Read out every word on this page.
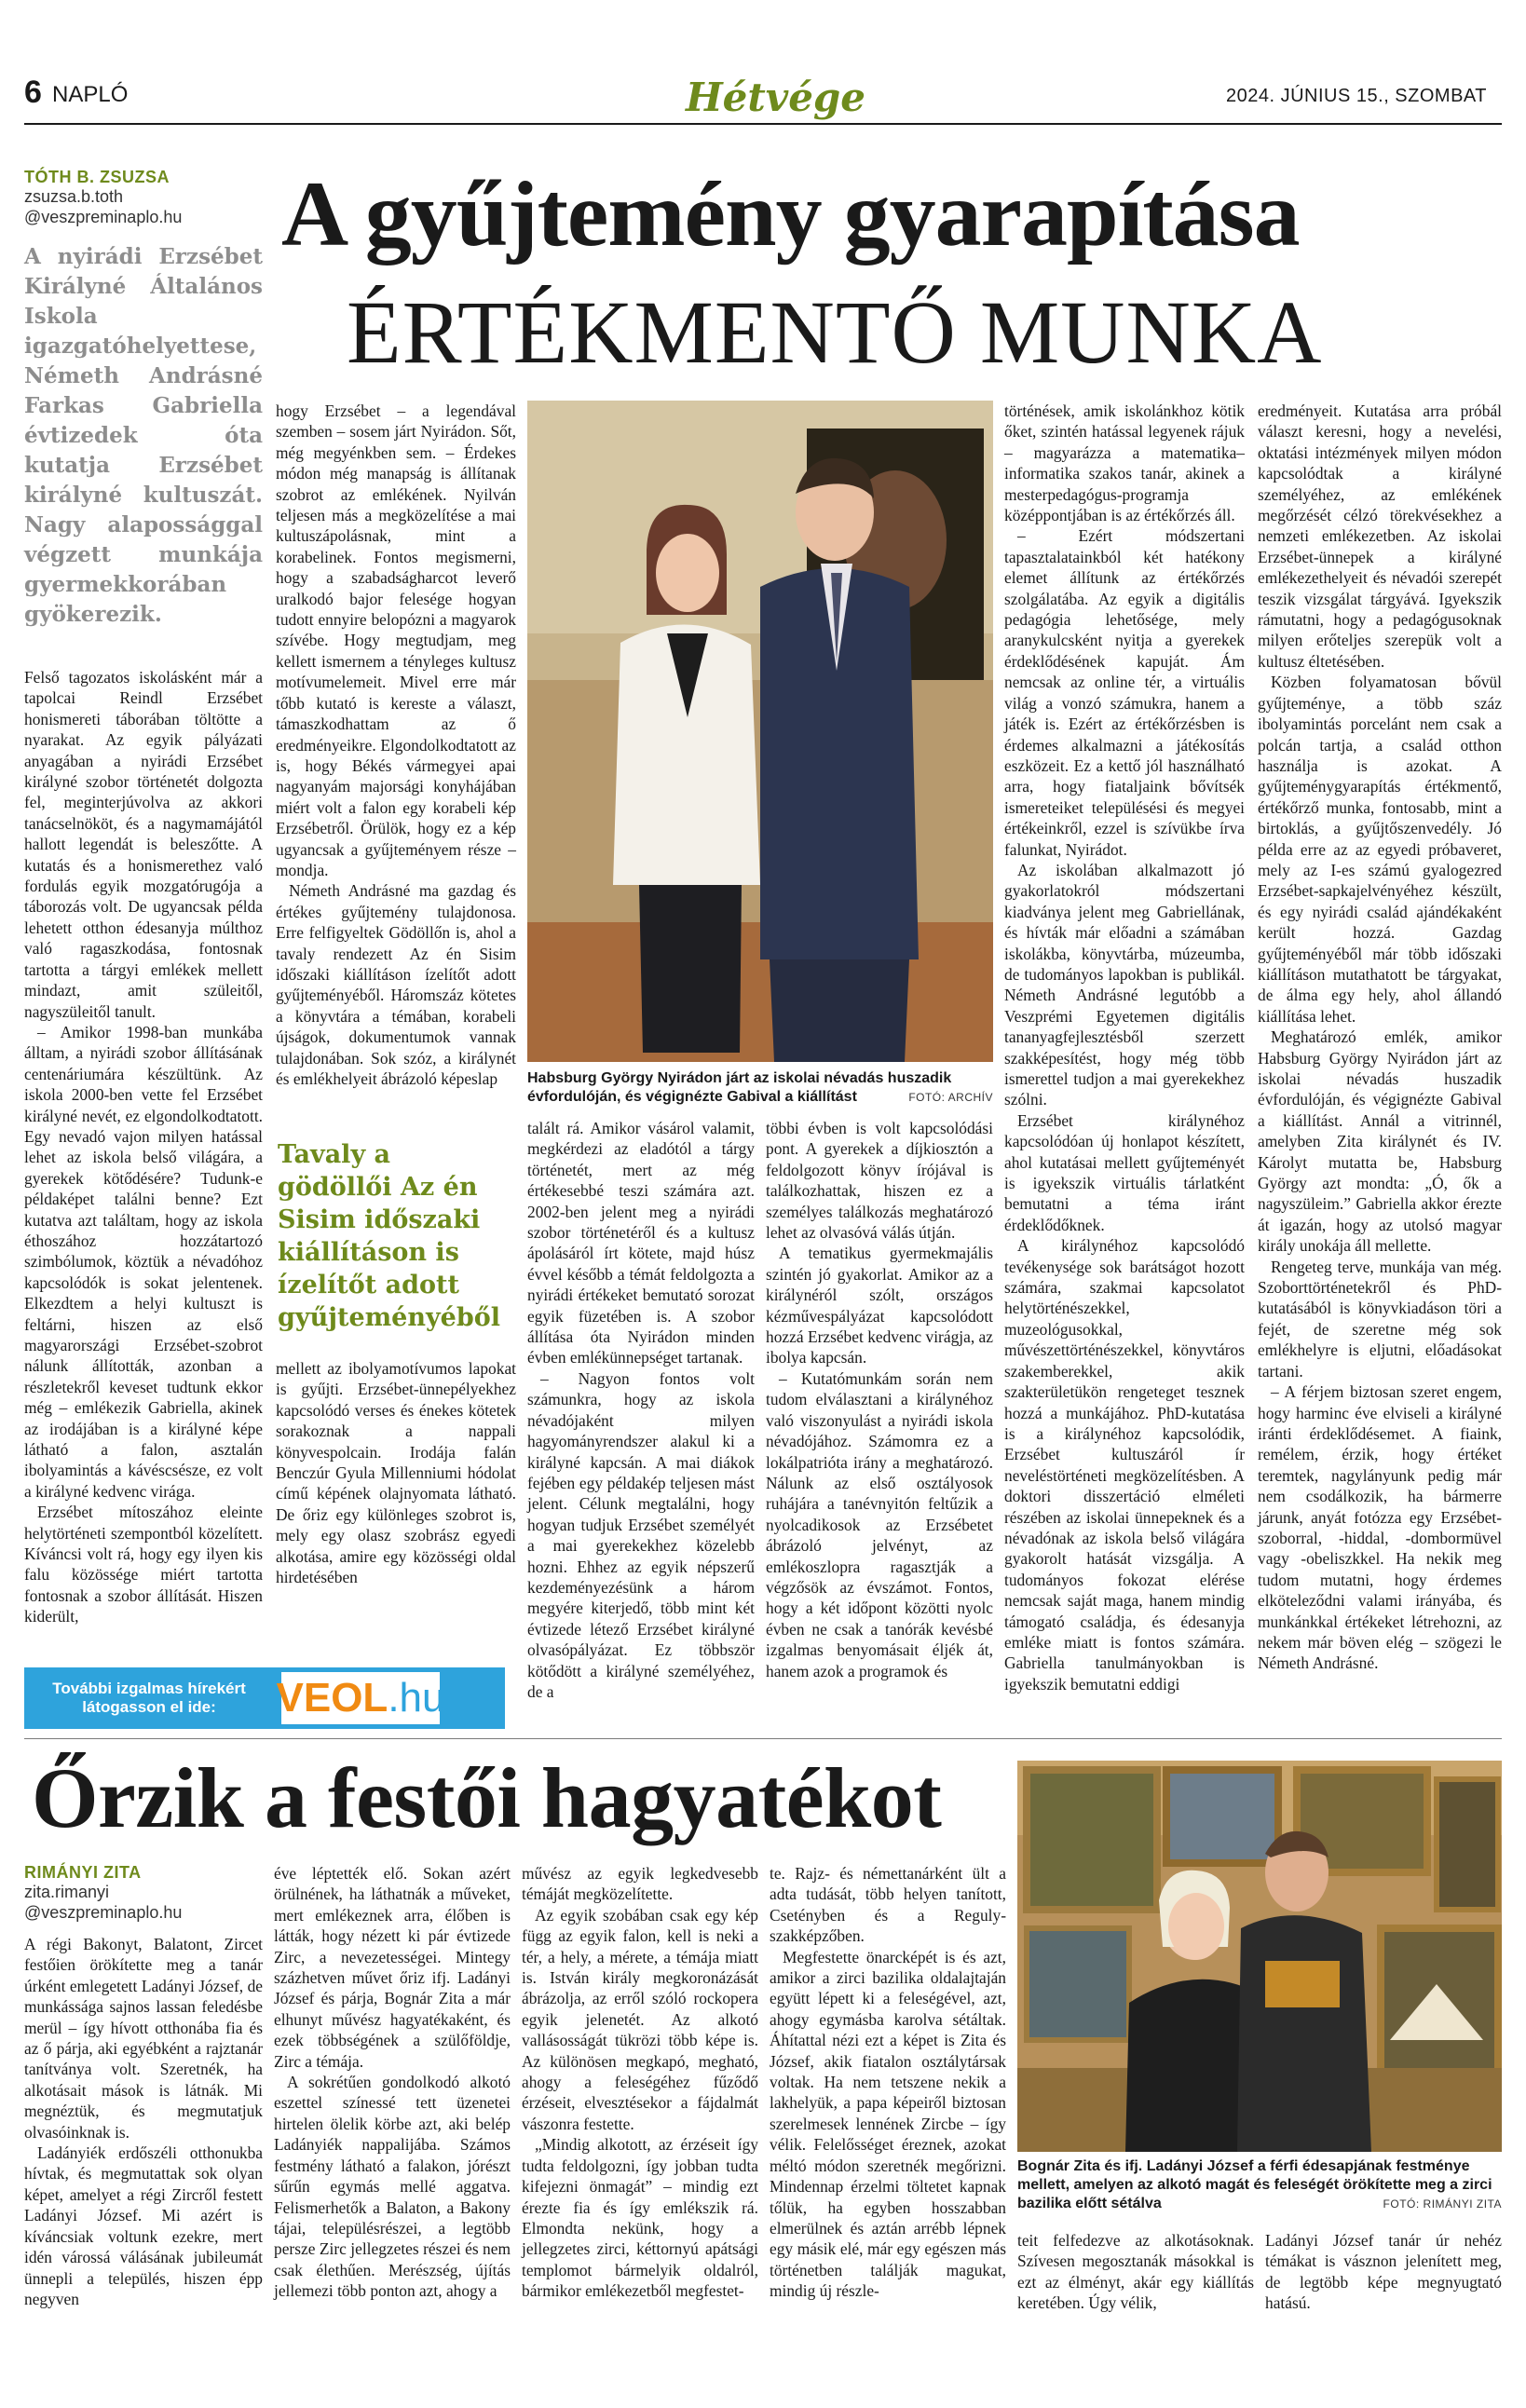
6 NAPLÓ	Hétvége	2024. JÚNIUS 15., SZOMBAT
TÓTH B. ZSUZSA
zsuzsa.b.toth
@veszpreminaplo.hu A gyűjtemény gyarapítása
ÉRTÉKMENTŐ MUNKA
A nyirádi Erzsébet Királyné Általános Iskola igazgatóhelyettese, Németh Andrásné Farkas Gabriella évtizedek óta kutatja Erzsébet királyné kultuszát. Nagy alapossággal végzett munkája gyermekkorában gyökerezik.

Felső tagozatos iskolásként már a tapolcai Reindl Erzsébet honismereti táborában töltötte a nyarakat. Az egyik pályázati anyagában a nyirádi Erzsébet királyné szobor történetét dolgozta fel, meginterjúvolva az akkori tanácselnököt, és a nagymamájától hallott legendát is beleszőtte. A kutatás és a honismerethez való fordulás egyik mozgatórugója a táborozás volt. De ugyancsak példa lehetett otthon édesanyja múlthoz való ragaszkodása, fontosnak tartotta a tárgyi emlékek mellett mindazt, amit szüleitől, nagyszüleitől tanult.

– Amikor 1998-ban munkába álltam, a nyirádi szobor állításának centenáriumára készültünk. Az iskola 2000-ben vette fel Erzsébet királyné nevét, ez elgondolkodtatott. Egy nevadó vajon milyen hatással lehet az iskola belső világára, a gyerekek kötődésére? Tudunk-e példaképet találni benne? Ezt kutatva azt találtam, hogy az iskola éthoszához hozzátartozó szimbólumok, köztük a névadóhoz kapcsolódók is sokat jelentenek. Elkezdtem a helyi kultuszt is feltárni, hiszen az első magyarországi Erzsébet-szobrot nálunk állították, azonban a részletekről keveset tudtunk ekkor még – emlékezik Gabriella, akinek az irodájában is a királyné képe látható a falon, asztalán ibolyamintás a kávéscsésze, ez volt a királyné kedvenc virága.

Erzsébet mítoszához eleinte helytörténeti szempontból közelített. Kíváncsi volt rá, hogy egy ilyen kis falu közössége miért tartotta fontosnak a szobor állítását. Hiszen kiderült,

hogy Erzsébet – a legendával szemben – sosem járt Nyirádon. Sőt, még megyénkben sem. – Érdekes módon még manapság is állítanak szobrot az emlékének. Nyilván teljesen más a megközelítése a mai kultuszápolásnak, mint a korabelinek. Fontos megismerni, hogy a szabadságharcot leverő uralkodó bajor felesége hogyan tudott ennyire belopózni a magyarok szívébe. Hogy megtudjam, meg kellett ismernem a tényleges kultusz motívumelemeit. Mivel erre már tőbb kutató is kereste a választ, támaszkodhattam az ő eredményeikre. Elgondolkodtatott az is, hogy Békés vármegyei apai nagyanyám majorsági konyhájában miért volt a falon egy korabeli kép Erzsébetről. Örülök, hogy ez a kép ugyancsak a gyűjteményem része – mondja.

Németh Andrásné ma gazdag és értékes gyűjtemény tulajdonosa. Erre felfigyeltek Gödöllőn is, ahol a tavaly rendezett Az én Sisim időszaki kiállításon ízelítőt adott gyűjteményéből. Háromszáz kötetes a könyvtára a témában, korabeli újságok, dokumentumok vannak tulajdonában. Sok szóz, a királynét és emlékhelyeit ábrázoló képeslap

Tavaly a gödöllői Az én Sisim időszaki kiállításon is ízelítőt adott gyűjteményéből

mellett az ibolyamotívumos lapokat is gyűjti. Erzsébet-ünnepélyekhez kapcsolódó verses és énekes kötetek sorakoznak a nappali könyvespolcain. Irodája falán Benczúr Gyula Millenniumi hódolat című képének olajnyomata látható. De őriz egy különleges szobrot is, mely egy olasz szobrász egyedi alkotása, amire egy közösségi oldal hirdetésében

Habsburg György Nyirádon járt az iskolai névadás huszadik évfordulóján, és végignézte Gabival a kiállítást	FOTÓ: ARCHÍV

talált rá. Amikor vásárol valamit, megkérdezi az eladótól a tárgy történetét, mert az még értékesebbé teszi számára azt. 2002-ben jelent meg a nyirádi szobor történetéről és a kultusz ápolásáról írt kötete, majd húsz évvel később a témát feldolgozta a nyirádi értékeket bemutató sorozat egyik füzetében is. A szobor állítása óta Nyirádon minden évben emlékünnepséget tartanak.

– Nagyon fontos volt számunkra, hogy az iskola névadójaként milyen hagyományrendszer alakul ki a királyné kapcsán. A mai diákok fejében egy példakép teljesen mást jelent. Célunk megtalálni, hogy hogyan tudjuk Erzsébet személyét a mai gyerekekhez közelebb hozni. Ehhez az egyik népszerű kezdeményezésünk a három megyére kiterjedő, több mint két évtizede létező Erzsébet királyné olvasópályázat. Ez többször kötődött a királyné személyéhez, de a

többi évben is volt kapcsolódási pont. A gyerekek a díjkiosztón a feldolgozott könyv írójával is találkozhattak, hiszen ez a személyes találkozás meghatározó lehet az olvasóvá válás útján.

A tematikus gyermekmajális szintén jó gyakorlat. Amikor az a királynéról szólt, országos kézművespályázat kapcsolódott hozzá Erzsébet kedvenc virágja, az ibolya kapcsán.

– Kutatómunkám során nem tudom elválasztani a királynéhoz való viszonyulást a nyirádi iskola névadójához. Számomra ez a lokálpatrióta irány a meghatározó. Nálunk az első osztályosok ruhájára a tanévnyitón feltűzik a nyolcadikosok az Erzsébetet ábrázoló jelvényt, az emlékoszlopra ragasztják a végzősök az évszámot. Fontos, hogy a két időpont közötti nyolc évben ne csak a tanórák kevésbé izgalmas benyomásait éljék át, hanem azok a programok és

történések, amik iskolánkhoz kötik őket, szintén hatással legyenek rájuk – magyarázza a matematika–informatika szakos tanár, akinek a mesterpedagógus-programja középpontjában is az értékőrzés áll.

– Ezért módszertani tapasztalatainkból két hatékony elemet állítunk az értékőrzés szolgálatába. Az egyik a digitális pedagógia lehetősége, mely aranykulcsként nyitja a gyerekek érdeklődésének kapuját. Ám nemcsak az online tér, a virtuális világ a vonzó számukra, hanem a játék is. Ezért az értékőrzésben is érdemes alkalmazni a játékosítás eszközeit. Ez a kettő jól használható arra, hogy fiataljaink bővítsék ismereteiket településési és megyei értékeinkről, ezzel is szívükbe írva falunkat, Nyirádot.

Az iskolában alkalmazott jó gyakorlatokról módszertani kiadványa jelent meg Gabriellának, és hívták már előadni a számában iskolákba, könyvtárba, múzeumba, de tudományos lapokban is publikál. Németh Andrásné legutóbb a Veszprémi Egyetemen digitális tananyagfejlesztésből szerzett szakképesítést, hogy még több ismerettel tudjon a mai gyerekekhez szólni.

Erzsébet királynéhoz kapcsolódóan új honlapot készített, ahol kutatásai mellett gyűjteményét is igyekszik virtuális tárlatként bemutatni a téma iránt érdeklődőknek.

A királynéhoz kapcsolódó tevékenysége sok barátságot hozott számára, szakmai kapcsolatot helytörténészekkel, muzeológusokkal, művészettörténészekkel, könyvtáros szakemberekkel, akik szakterületükön rengeteget tesznek hozzá a munkájához. PhD-kutatása is a királynéhoz kapcsolódik, Erzsébet kultuszáról ír neveléstörténeti megközelítésben. A doktori disszertáció elméleti részében az iskolai ünnepeknek és a névadónak az iskola belső világára gyakorolt hatását vizsgálja. A tudományos fokozat elérése nemcsak saját maga, hanem mindig támogató családja, és édesanyja emléke miatt is fontos számára. Gabriella tanulmányokban is igyekszik bemutatni eddigi

eredményeit. Kutatása arra próbál választ keresni, hogy a nevelési, oktatási intézmények milyen módon kapcsolódtak a királyné személyéhez, az emlékének megőrzését célzó törekvésekhez a nemzeti emlékezetben. Az iskolai Erzsébet-ünnepek a királyné emlékezethelyeit és névadói szerepét teszik vizsgálat tárgyává. Igyekszik rámutatni, hogy a pedagógusoknak milyen erőteljes szerepük volt a kultusz éltetésében.

Közben folyamatosan bővül gyűjteménye, a több száz ibolyamintás porcelánt nem csak a polcán tartja, a család otthon használja is azokat. A gyűjteménygyarapítás értékmentő, értékőrző munka, fontosabb, mint a birtoklás, a gyűjtőszenvedély. Jó példa erre az az egyedi próbaveret, mely az I-es számú gyalogezred Erzsébet-sapkajelvényéhez készült, és egy nyirádi család ajándékaként került hozzá. Gazdag gyűjteményéből már több időszaki kiállításon mutathatott be tárgyakat, de álma egy hely, ahol állandó kiállítása lehet.

Meghatározó emlék, amikor Habsburg György Nyirádon járt az iskolai névadás huszadik évfordulóján, és végignézte Gabival a kiállítást. Annál a vitrinnél, amelyben Zita királynét és IV. Károlyt mutatta be, Habsburg György azt mondta: „Ó, ők a nagyszüleim.” Gabriella akkor érezte át igazán, hogy az utolsó magyar király unokája áll mellette.

Rengeteg terve, munkája van még. Szoborttörténetekről és PhD-kutatásából is könyvkiadáson töri a fejét, de szeretne még sok emlékhelyre is eljutni, előadásokat tartani.

– A férjem biztosan szeret engem, hogy harminc éve elviseli a királyné iránti érdeklődésemet. A fiaink, remélem, érzik, hogy értéket teremtek, nagylányunk pedig már nem csodálkozik, ha bármerre járunk, anyát fotózza egy Erzsébet-szoborral, -hiddal, -dombormüvel vagy -obeliszkkel. Ha nekik meg tudom mutatni, hogy érdemes elköteleződni valami irányába, és munkánkkal értékeket létrehozni, az nekem már böven elég – szögezi le Németh Andrásné.

További izgalmas hírekért látogasson el ide:	VEOL .hu
Őrzik a festői hagyatékot
RIMÁNYI ZITA
zita.rimanyi
@veszpreminaplo.hu

A régi Bakonyt, Balatont, Zircet festőien örökítette meg a tanár úrként emlegetett Ladányi József, de munkássága sajnos lassan feledésbe merül – így hívott otthonába fia és az ő párja, aki egyébként a rajztanár tanítványa volt. Szeretnék, ha alkotásait mások is látnák. Mi megnéztük, és megmutatjuk olvasóinknak is.

Ladányiék erdőszéli otthonukba hívtak, és megmutattak sok olyan képet, amelyet a régi Zircről festett Ladányi József. Mi azért is kíváncsiak voltunk ezekre, mert idén várossá válásának jubileumát ünnepli a település, hiszen épp negyven

éve léptették elő. Sokan azért örülnének, ha láthatnák a műveket, mert emlékeznek arra, élőben is látták, hogy nézett ki pár évtizede Zirc, a nevezetességei. Mintegy százhetven művet őriz ifj. Ladányi József és párja, Bognár Zita a már elhunyt művész hagyatékaként, és ezek többségének a szülőföldje, Zirc a témája.

A sokrétűen gondolkodó alkotó eszettel színessé tett üzenetei hirtelen ölelik körbe azt, aki belép Ladányiék nappalijába. Számos festmény látható a falakon, jórészt sűrűn egymás mellé aggatva. Felismerhetők a Balaton, a Bakony tájai, településrészei, a legtöbb persze Zirc jellegzetes részei és nem csak élethűen. Merészség, újítás jellemezi több ponton azt, ahogy a

művész az egyik legkedvesebb témáját megközelítette.

Az egyik szobában csak egy kép függ az egyik falon, kell is neki a tér, a hely, a mérete, a témája miatt is. István király megkoronázását ábrázolja, az erről szóló rockopera egyik jelenetét. Az alkotó vallásosságát tükrözi több képe is. Az különösen megkapó, megható, ahogy a feleségéhez fűződő érzéseit, elvesztésekor a fájdalmát vászonra festette.

„Mindig alkotott, az érzéseit így tudta feldolgozni, így jobban tudta kifejezni önmagát” – mindig ezt érezte fia és így emlékszik rá. Elmondta nekünk, hogy a jellegzetes zirci, kéttornyú apátsági templomot bármelyik oldalról, bármikor emlékezetből megfestet-

te. Rajz- és némettanárként ült a adta tudását, több helyen tanított, Csetényben és a Reguly-szakképzőben.

Megfestette önarcképét is és azt, amikor a zirci bazilika oldalajtaján együtt lépett ki a feleségével, azt, ahogy egymásba karolva sétáltak. Áhítattal nézi ezt a képet is Zita és József, akik fiatalon osztálytársak voltak. Ha nem tetszene nekik a lakhelyük, a papa képeiről biztosan szerelmesek lennének Zircbe – így vélik. Felelősséget éreznek, azokat méltó módon szeretnék megőrizni. Mindennap érzelmi töltetet kapnak tőlük, ha egyben hosszabban elmerülnek és aztán arrébb lépnek egy másik elé, már egy egészen más történetben találják magukat, mindig új részle-

Bognár Zita és ifj. Ladányi József a férfi édesapjának festménye mellett, amelyen az alkotó magát és feleségét örökítette meg a zirci bazilika előtt sétálva	FOTÓ: RIMÁNYI ZITA

teit felfedezve az alkotásoknak. Szívesen megosztanák másokkal is ezt az élményt, akár egy kiállítás keretében. Úgy vélik,

Ladányi József tanár úr nehéz témákat is vásznon jelenített meg, de legtöbb képe megnyugtató hatású.
